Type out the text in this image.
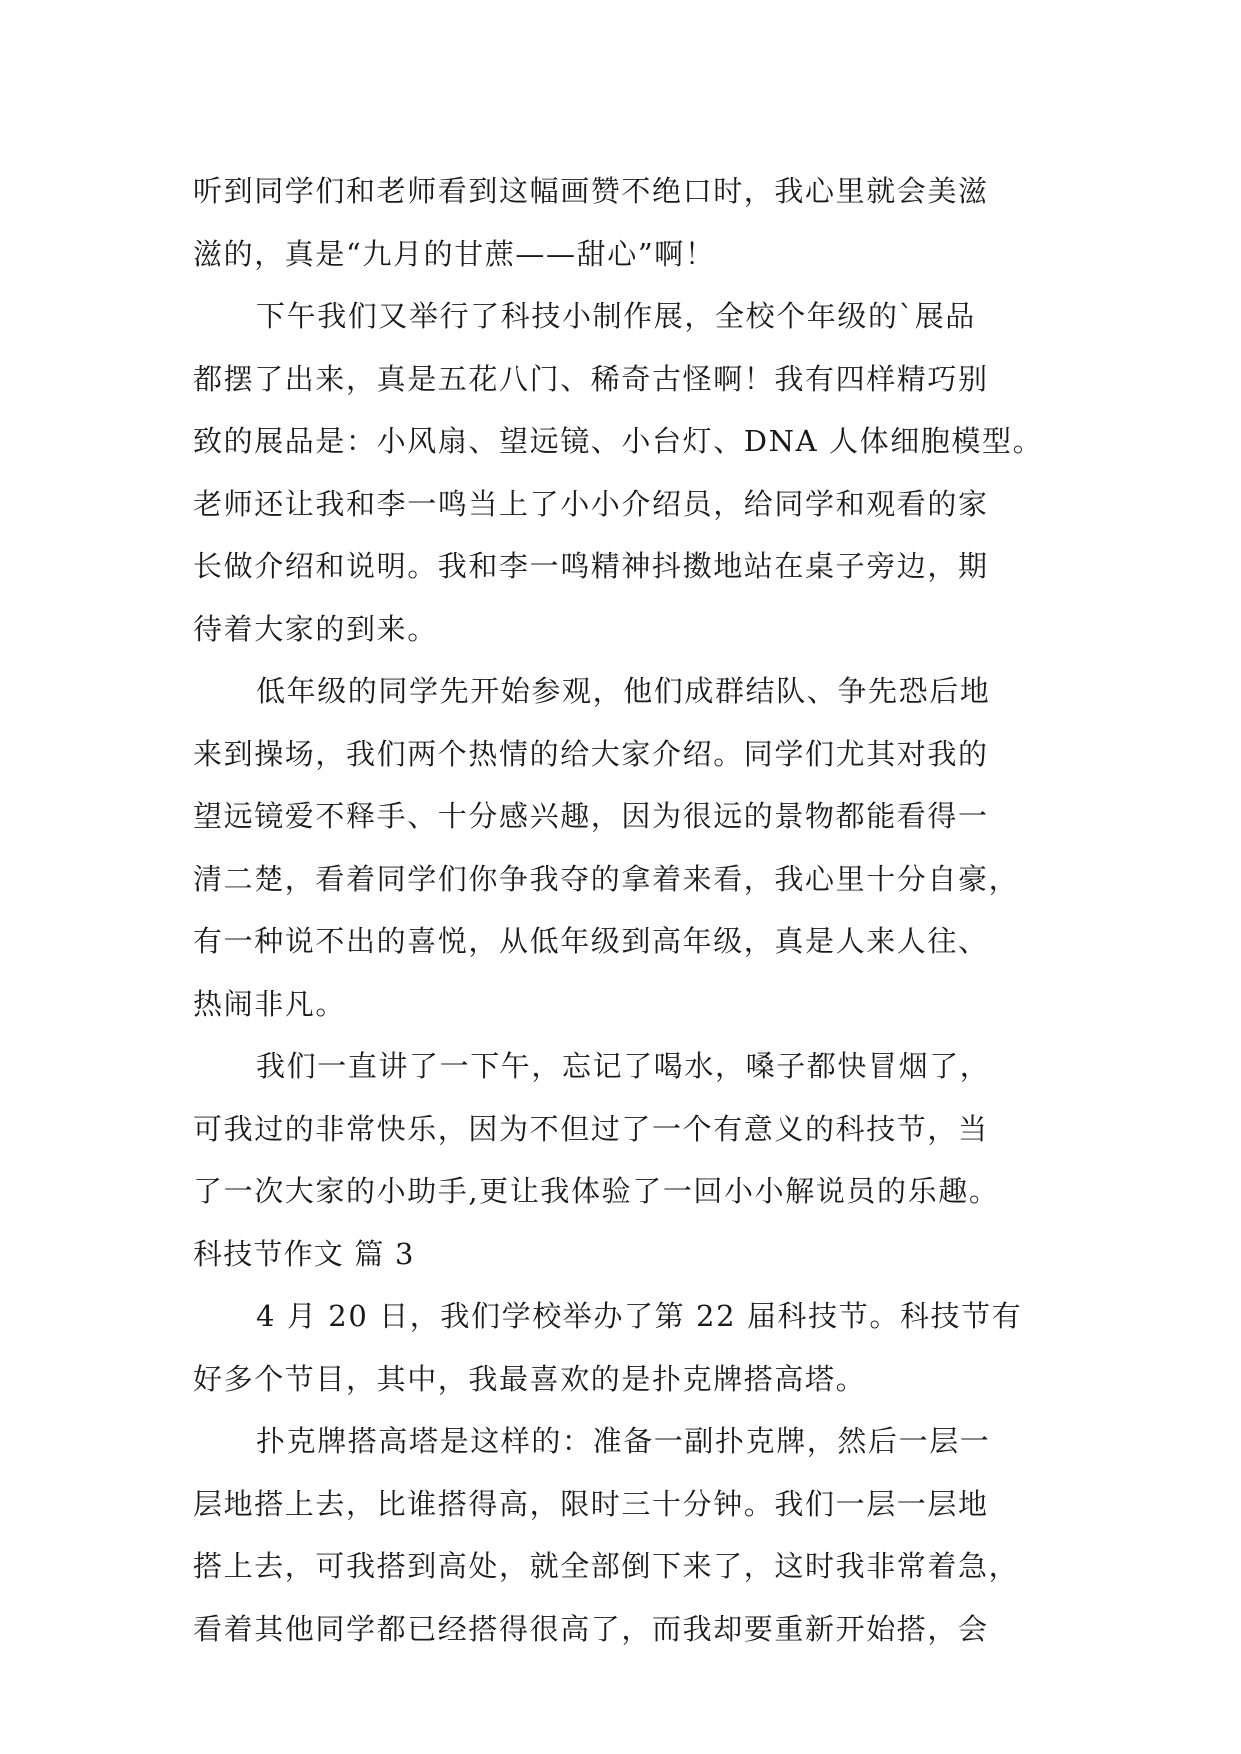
听到同学们和老师看到这幅画赞不绝口时，我心里就会美滋
滋的，真是“九月的甘蔗——甜心”啊！
下午我们又举行了科技小制作展，全校个年级的`展品
都摆了出来，真是五花八门、稀奇古怪啊！我有四样精巧别
致的展品是：小风扇、望远镜、小台灯、DNA 人体细胞模型。
老师还让我和李一鸣当上了小小介绍员，给同学和观看的家
长做介绍和说明。我和李一鸣精神抖擞地站在桌子旁边，期
待着大家的到来。
低年级的同学先开始参观，他们成群结队、争先恐后地
来到操场，我们两个热情的给大家介绍。同学们尤其对我的
望远镜爱不释手、十分感兴趣，因为很远的景物都能看得一
清二楚，看着同学们你争我夺的拿着来看，我心里十分自豪，
有一种说不出的喜悦，从低年级到高年级，真是人来人往、
热闹非凡。
我们一直讲了一下午，忘记了喝水，嗓子都快冒烟了，
可我过的非常快乐，因为不但过了一个有意义的科技节，当
了一次大家的小助手,更让我体验了一回小小解说员的乐趣。
科技节作文 篇 3
4 月 20 日，我们学校举办了第 22 届科技节。科技节有
好多个节目，其中，我最喜欢的是扑克牌搭高塔。
扑克牌搭高塔是这样的：准备一副扑克牌，然后一层一
层地搭上去，比谁搭得高，限时三十分钟。我们一层一层地
搭上去，可我搭到高处，就全部倒下来了，这时我非常着急，
看着其他同学都已经搭得很高了，而我却要重新开始搭，会
